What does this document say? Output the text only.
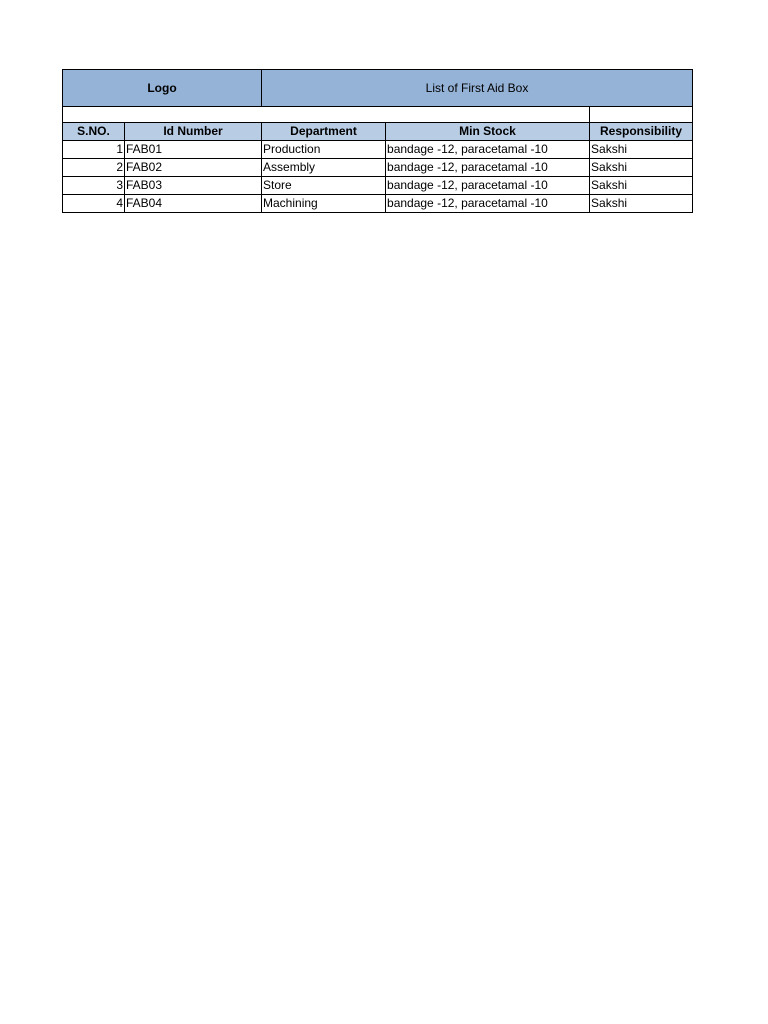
Logo		List of First Aid Box		

S.NO.	Id Number	Department	Min Stock	Responsibility
1	FAB01	Production	bandage -12, paracetamal -10	Sakshi
2	FAB02	Assembly	bandage -12, paracetamal -10	Sakshi
3	FAB03	Store	bandage -12, paracetamal -10	Sakshi
4	FAB04	Machining	bandage -12, paracetamal -10	Sakshi
